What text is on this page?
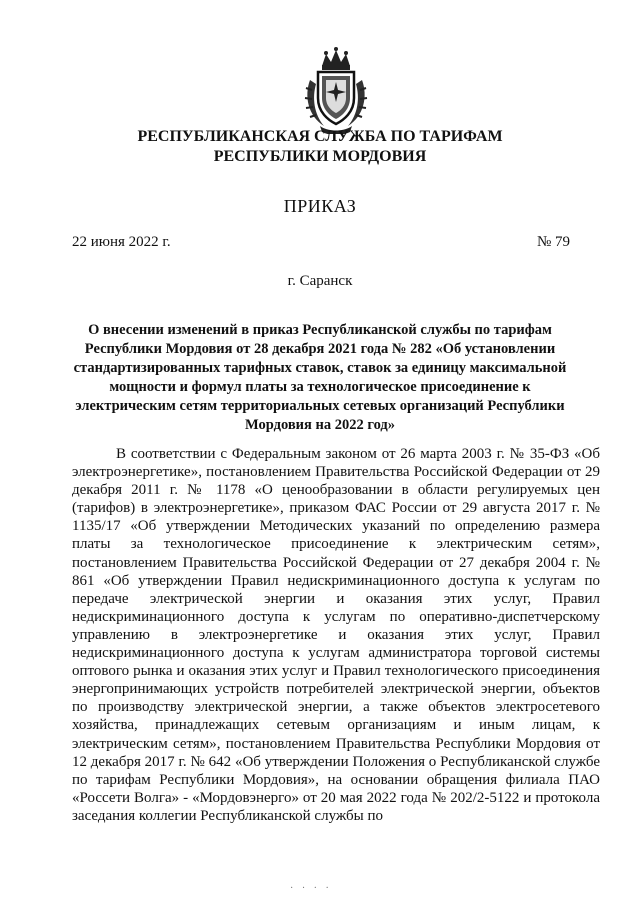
РЕСПУБЛИКАНСКАЯ СЛУЖБА ПО ТАРИФАМ
РЕСПУБЛИКИ МОРДОВИЯ
ПРИКАЗ
22 июня 2022 г.	№ 79
г. Саранск
О внесении изменений в приказ Республиканской службы по тарифам Республики Мордовия от 28 декабря 2021 года № 282 «Об установлении стандартизированных тарифных ставок, ставок за единицу максимальной мощности и формул платы за технологическое присоединение к электрическим сетям территориальных сетевых организаций Республики Мордовия на 2022 год»

В соответствии с Федеральным законом от 26 марта 2003 г. № 35-ФЗ «Об электроэнергетике», постановлением Правительства Российской Федерации от 29 декабря 2011 г. № 1178 «О ценообразовании в области регулируемых цен (тарифов) в электроэнергетике», приказом ФАС России от 29 августа 2017 г. № 1135/17 «Об утверждении Методических указаний по определению размера платы за технологическое присоединение к электрическим сетям», постановлением Правительства Российской Федерации от 27 декабря 2004 г. № 861 «Об утверждении Правил недискриминационного доступа к услугам по передаче электрической энергии и оказания этих услуг, Правил недискриминационного доступа к услугам по оперативно-диспетчерскому управлению в электроэнергетике и оказания этих услуг, Правил недискриминационного доступа к услугам администратора торговой системы оптового рынка и оказания этих услуг и Правил технологического присоединения энергопринимающих устройств потребителей электрической энергии, объектов по производству электрической энергии, а также объектов электросетевого хозяйства, принадлежащих сетевым организациям и иным лицам, к электрическим сетям», постановлением Правительства Республики Мордовия от 12 декабря 2017 г. № 642 «Об утверждении Положения о Республиканской службе по тарифам Республики Мордовия», на основании обращения филиала ПАО «Россети Волга» - «Мордовэнерго» от 20 мая 2022 года № 202/2-5122 и протокола заседания коллегии Республиканской службы по

· · · ·
